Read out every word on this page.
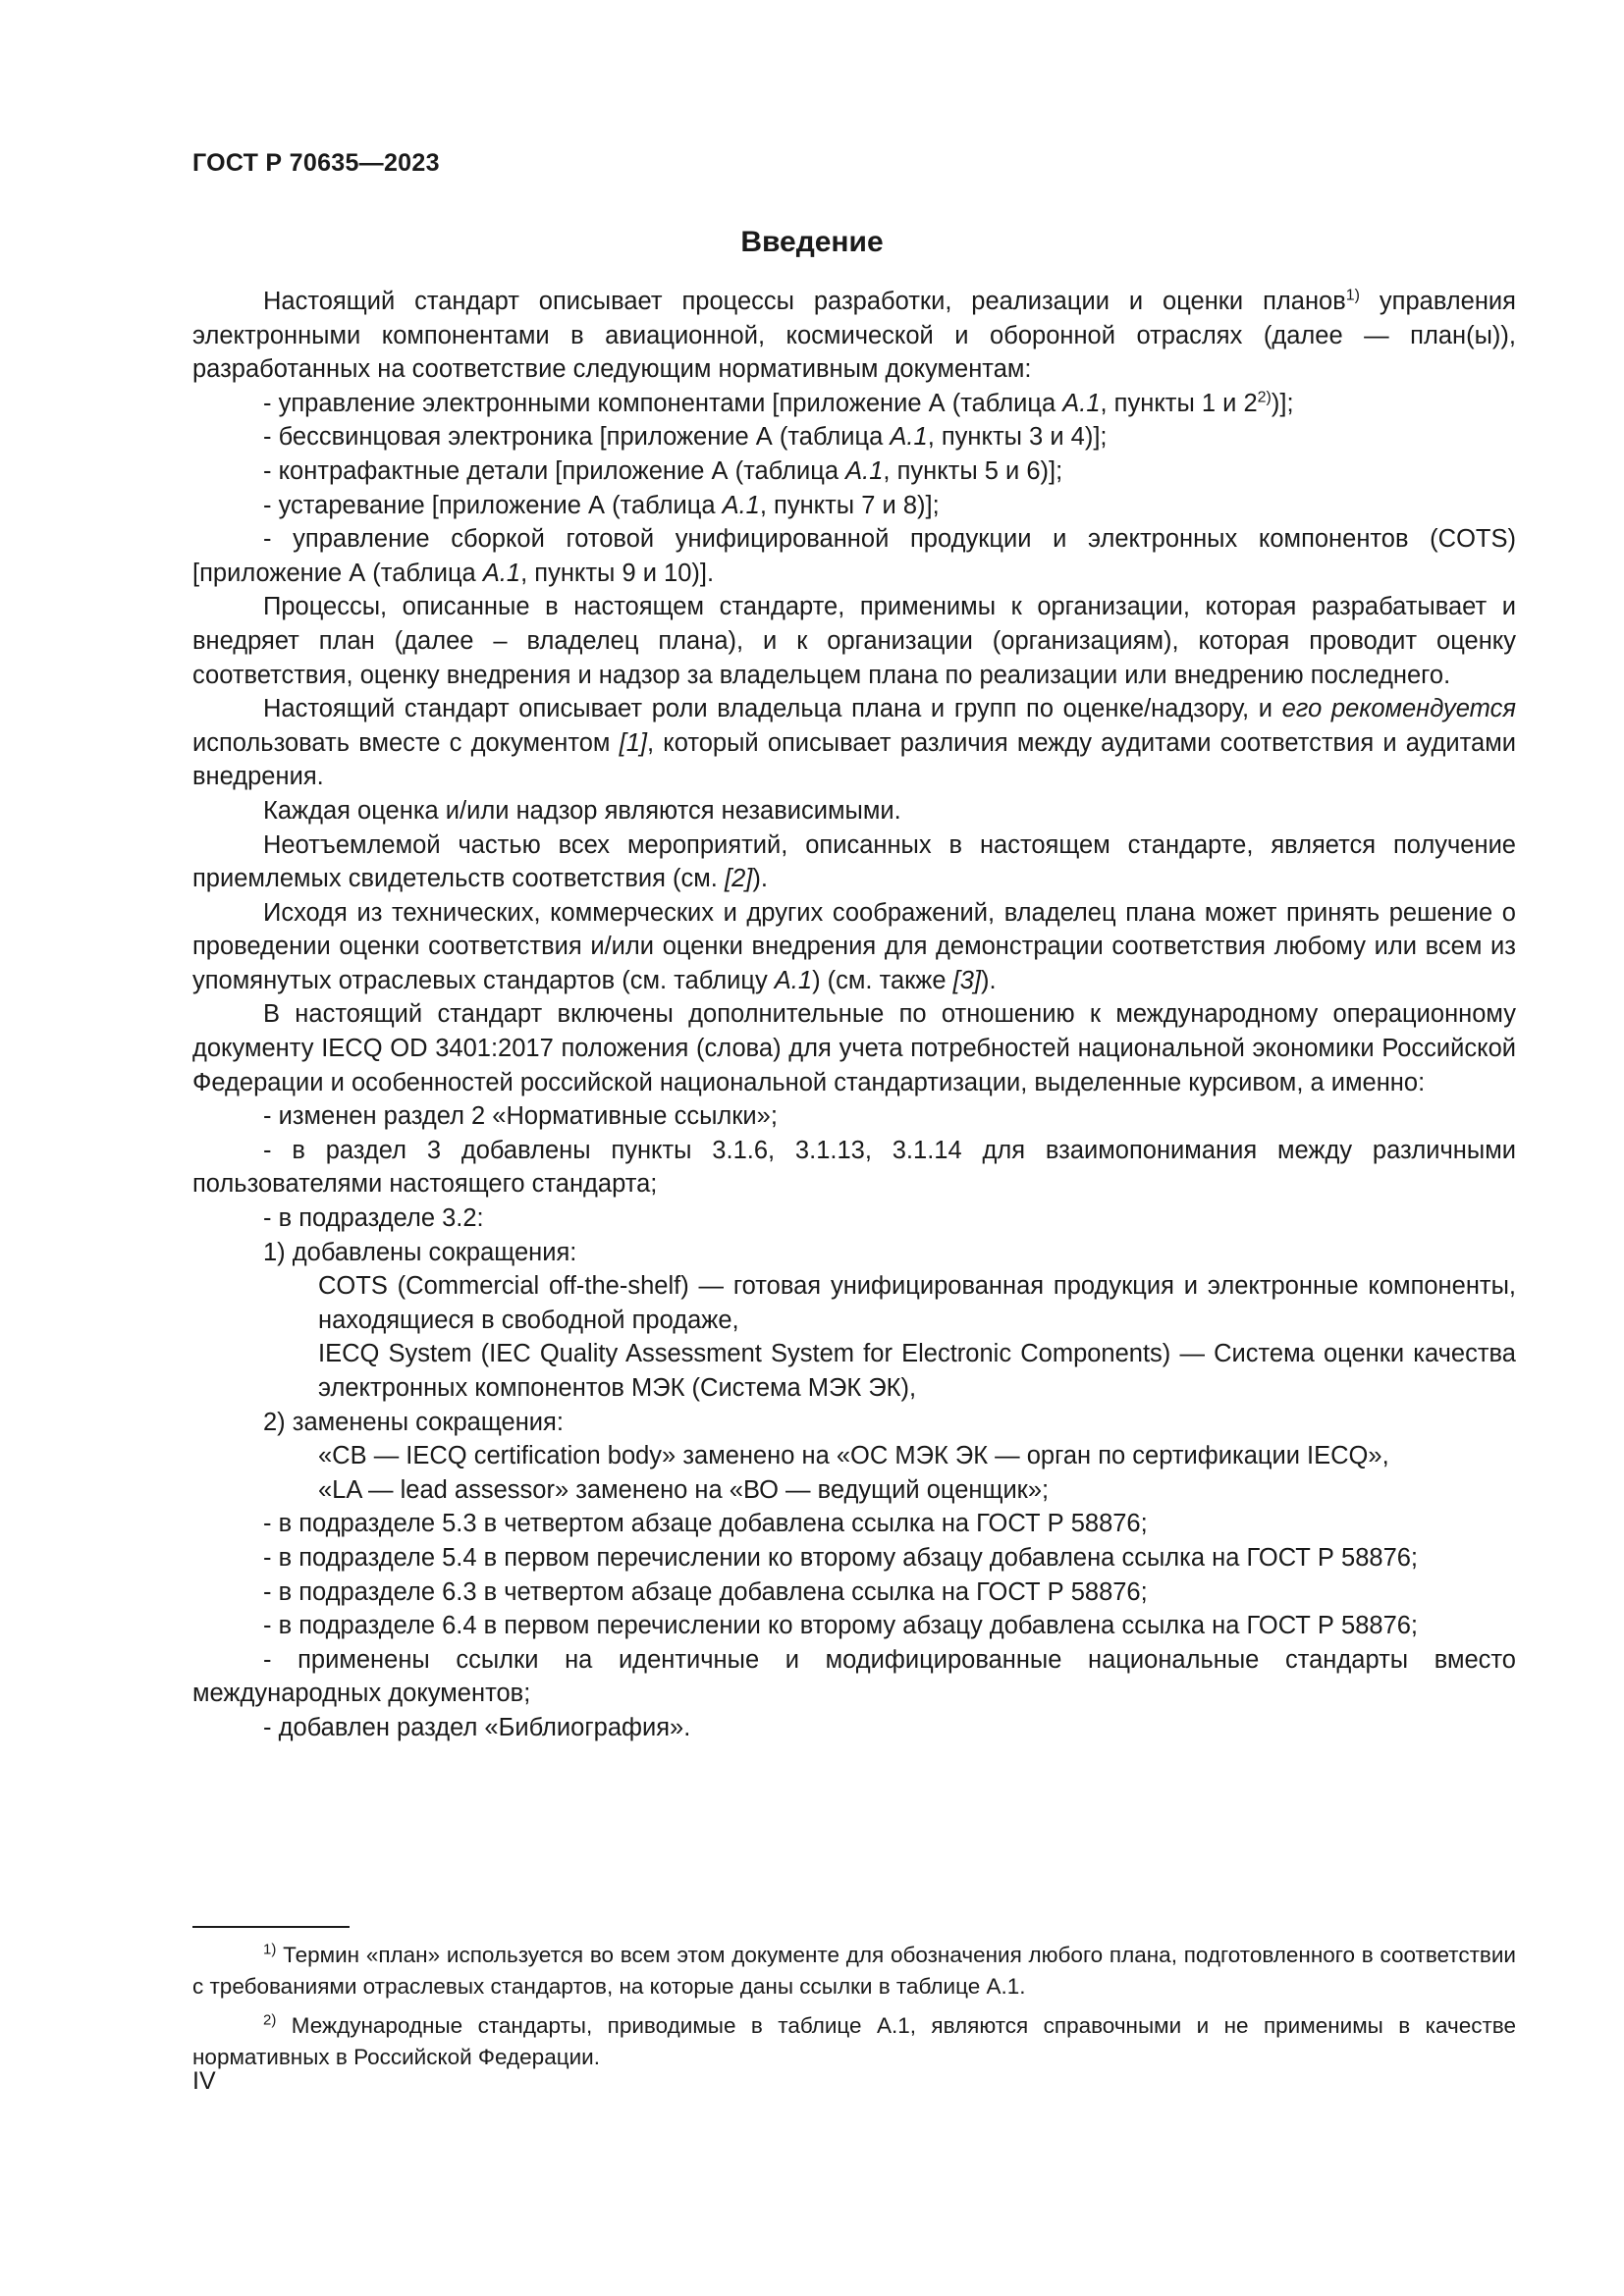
ГОСТ Р 70635—2023
Введение

Настоящий стандарт описывает процессы разработки, реализации и оценки планов$^{1)}$ управления электронными компонентами в авиационной, космической и оборонной отраслях (далее — план(ы)), разработанных на соответствие следующим нормативным документам:

- управление электронными компонентами [приложение А (таблица А.1, пункты 1 и 2$^{2)}$)];

- бессвинцовая электроника [приложение А (таблица А.1, пункты 3 и 4)];

- контрафактные детали [приложение А (таблица А.1, пункты 5 и 6)];

- устаревание [приложение А (таблица А.1, пункты 7 и 8)];

- управление сборкой готовой унифицированной продукции и электронных компонентов (COTS) [приложение А (таблица А.1, пункты 9 и 10)].

Процессы, описанные в настоящем стандарте, применимы к организации, которая разрабатывает и внедряет план (далее – владелец плана), и к организации (организациям), которая проводит оценку соответствия, оценку внедрения и надзор за владельцем плана по реализации или внедрению последнего.

Настоящий стандарт описывает роли владельца плана и групп по оценке/надзору, и его рекомендуется использовать вместе с документом [1], который описывает различия между аудитами соответствия и аудитами внедрения.

Каждая оценка и/или надзор являются независимыми.

Неотъемлемой частью всех мероприятий, описанных в настоящем стандарте, является получение приемлемых свидетельств соответствия (см. [2]).

Исходя из технических, коммерческих и других соображений, владелец плана может принять решение о проведении оценки соответствия и/или оценки внедрения для демонстрации соответствия любому или всем из упомянутых отраслевых стандартов (см. таблицу А.1) (см. также [3]).

В настоящий стандарт включены дополнительные по отношению к международному операционному документу IECQ OD 3401:2017 положения (слова) для учета потребностей национальной экономики Российской Федерации и особенностей российской национальной стандартизации, выделенные курсивом, а именно:

- изменен раздел 2 «Нормативные ссылки»;

- в раздел 3 добавлены пункты 3.1.6, 3.1.13, 3.1.14 для взаимопонимания между различными пользователями настоящего стандарта;

- в подразделе 3.2:

1) добавлены сокращения:

COTS (Commercial off-the-shelf) — готовая унифицированная продукция и электронные компоненты, находящиеся в свободной продаже,

IECQ System (IEC Quality Assessment System for Electronic Components) — Система оценки качества электронных компонентов МЭК (Система МЭК ЭК),

2) заменены сокращения:

«СВ — IECQ certification body» заменено на «ОС МЭК ЭК — орган по сертификации IECQ»,

«LA — lead assessor» заменено на «ВО — ведущий оценщик»;

- в подразделе 5.3 в четвертом абзаце добавлена ссылка на ГОСТ Р 58876;

- в подразделе 5.4 в первом перечислении ко второму абзацу добавлена ссылка на ГОСТ Р 58876;

- в подразделе 6.3 в четвертом абзаце добавлена ссылка на ГОСТ Р 58876;

- в подразделе 6.4 в первом перечислении ко второму абзацу добавлена ссылка на ГОСТ Р 58876;

- применены ссылки на идентичные и модифицированные национальные стандарты вместо международных документов;

- добавлен раздел «Библиография».

$^{1)}$ Термин «план» используется во всем этом документе для обозначения любого плана, подготовленного в соответствии с требованиями отраслевых стандартов, на которые даны ссылки в таблице А.1.

$^{2)}$ Международные стандарты, приводимые в таблице А.1, являются справочными и не применимы в качестве нормативных в Российской Федерации.

IV
